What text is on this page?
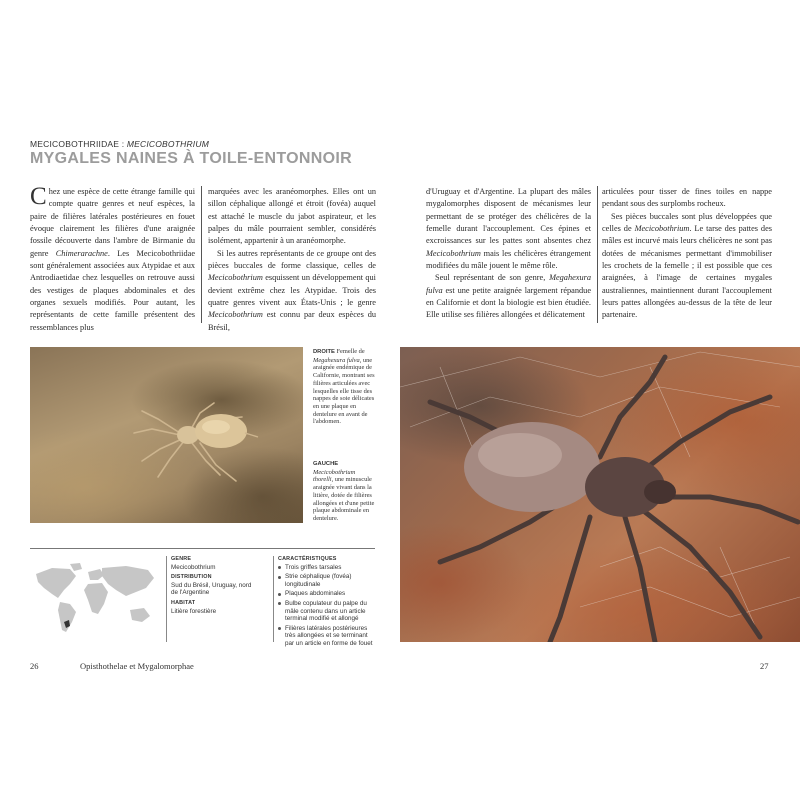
MECICOBOTHRIIDAE : MECICOBOTHRIUM
MYGALES NAINES À TOILE-ENTONNOIR

Chez une espèce de cette étrange famille qui compte quatre genres et neuf espèces, la paire de filières latérales postérieures en fouet évoque clairement les filières d'une araignée fossile découverte dans l'ambre de Birmanie du genre Chimerarachne. Les Mecicobothriidae sont généralement associées aux Atypidae et aux Antrodiaetidae chez lesquelles on retrouve aussi des vestiges de plaques abdominales et des organes sexuels modifiés. Pour autant, les représentants de cette famille présentent des ressemblances plus

marquées avec les aranéomorphes. Elles ont un sillon céphalique allongé et étroit (fovéa) auquel est attaché le muscle du jabot aspirateur, et les palpes du mâle pourraient sembler, considérés isolément, appartenir à un aranéomorphe.

Si les autres représentants de ce groupe ont des pièces buccales de forme classique, celles de Mecicobothrium esquissent un développement qui devient extrême chez les Atypidae. Trois des quatre genres vivent aux États-Unis ; le genre Mecicobothrium est connu par deux espèces du Brésil,

d'Uruguay et d'Argentine. La plupart des mâles mygalomorphes disposent de mécanismes leur permettant de se protéger des chélicères de la femelle durant l'accouplement. Ces épines et excroissances sur les pattes sont absentes chez Mecicobothrium mais les chélicères étrangement modifiées du mâle jouent le même rôle.

Seul représentant de son genre, Megahexura fulva est une petite araignée largement répandue en Californie et dont la biologie est bien étudiée. Elle utilise ses filières allongées et délicatement

articulées pour tisser de fines toiles en nappe pendant sous des surplombs rocheux.

Ses pièces buccales sont plus développées que celles de Mecicobothrium. Le tarse des pattes des mâles est incurvé mais leurs chélicères ne sont pas dotées de mécanismes permettant d'immobiliser les crochets de la femelle ; il est possible que ces araignées, à l'image de certaines mygales australiennes, maintiennent durant l'accouplement leurs pattes allongées au-dessus de la tête de leur partenaire.

DROITE Femelle de Megahexura fulva, une araignée endémique de Californie, montrant ses filières articulées avec lesquelles elle tisse des nappes de soie délicates en une plaque en dentelure en avant de l'abdomen.
GAUCHE Mecicobothrium thorelli, une minuscule araignée vivant dans la litière, dotée de filières allongées et d'une petite plaque abdominale en dentelure.
GENRE
Mecicobothrium
DISTRIBUTION
Sud du Brésil, Uruguay, nord de l'Argentine
HABITAT
Litière forestière
CARACTÉRISTIQUES
Trois griffes tarsales
Strie céphalique (fovéa) longitudinale
Plaques abdominales
Bulbe copulateur du palpe du mâle contenu dans un article terminal modifié et allongé
Filières latérales postérieures très allongées et se terminant par un article en forme de fouet
26	Opisthothelae et Mygalomorphae	27
